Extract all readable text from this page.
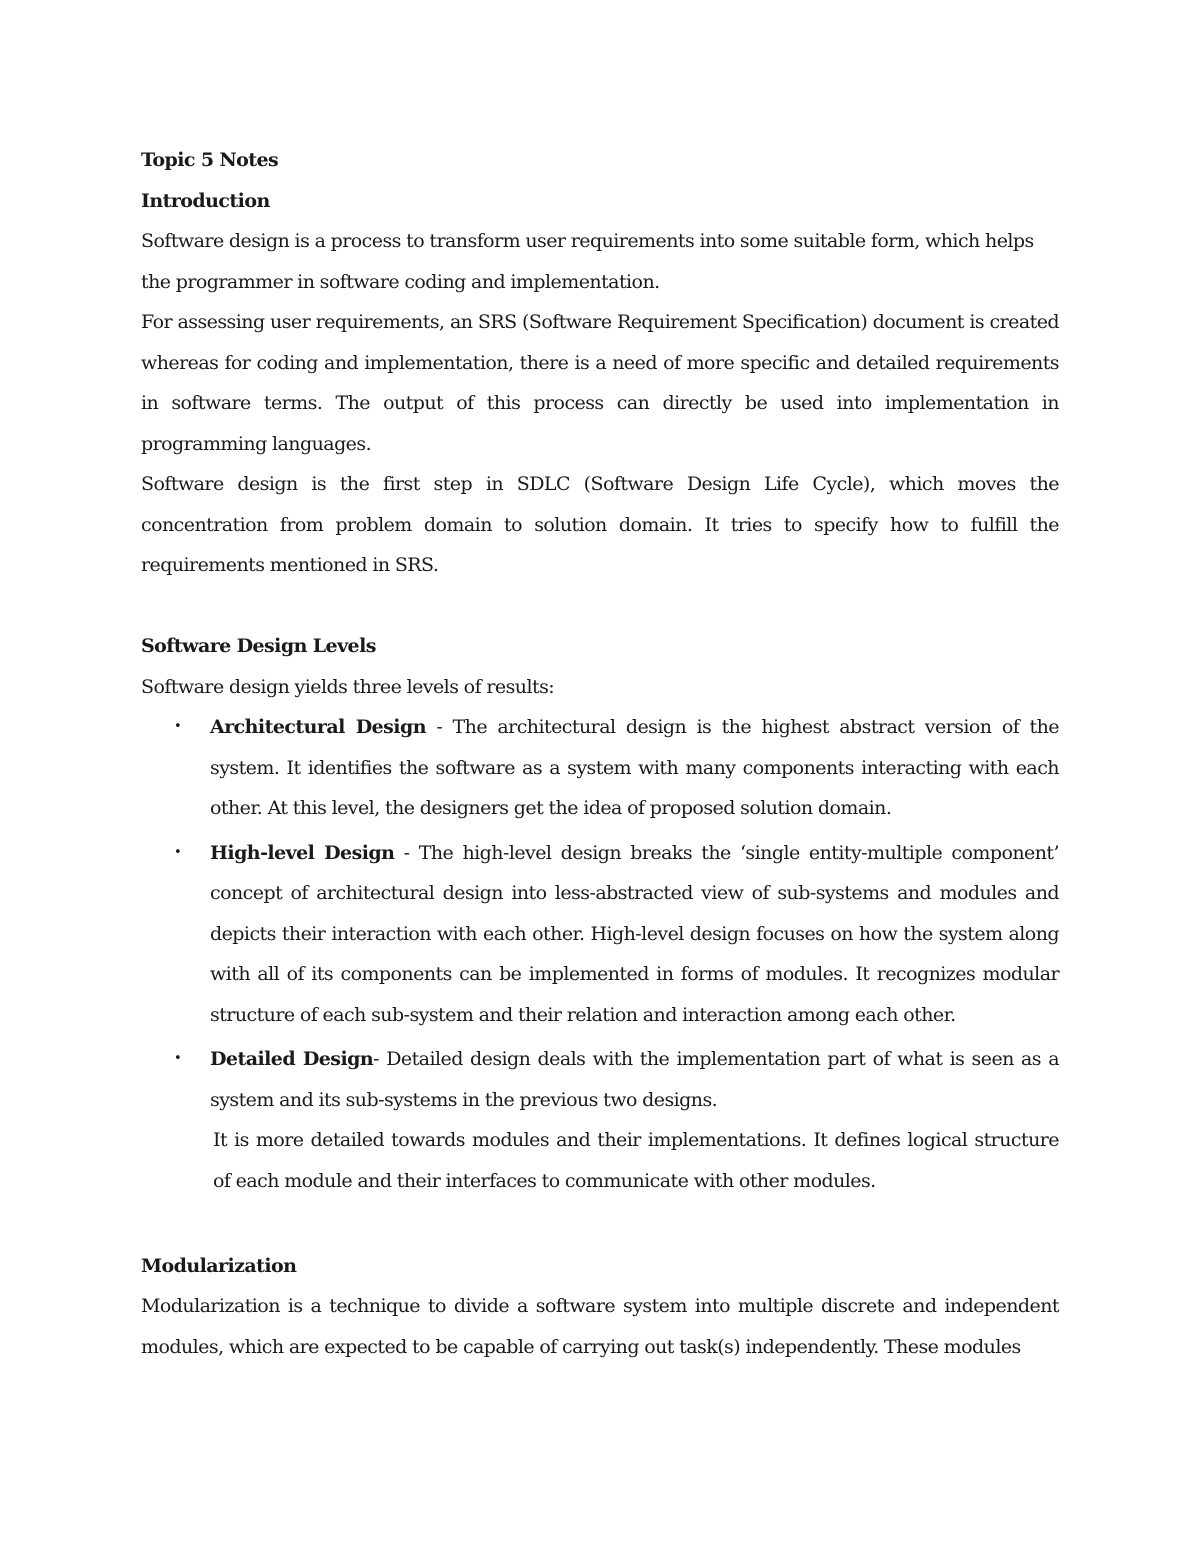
Topic 5 Notes

Introduction

Software design is a process to transform user requirements into some suitable form, which helps the programmer in software coding and implementation.

For assessing user requirements, an SRS (Software Requirement Specification) document is created whereas for coding and implementation, there is a need of more specific and detailed requirements in software terms. The output of this process can directly be used into implementation in programming languages.

Software design is the first step in SDLC (Software Design Life Cycle), which moves the concentration from problem domain to solution domain. It tries to specify how to fulfill the requirements mentioned in SRS.

Software Design Levels

Software design yields three levels of results:

• Architectural Design - The architectural design is the highest abstract version of the system. It identifies the software as a system with many components interacting with each other. At this level, the designers get the idea of proposed solution domain.
• High-level Design - The high-level design breaks the ‘single entity-multiple component’ concept of architectural design into less-abstracted view of sub-systems and modules and depicts their interaction with each other. High-level design focuses on how the system along with all of its components can be implemented in forms of modules. It recognizes modular structure of each sub-system and their relation and interaction among each other.
• Detailed Design- Detailed design deals with the implementation part of what is seen as a system and its sub-systems in the previous two designs.
It is more detailed towards modules and their implementations. It defines logical structure of each module and their interfaces to communicate with other modules.

Modularization

Modularization is a technique to divide a software system into multiple discrete and independent modules, which are expected to be capable of carrying out task(s) independently. These modules
